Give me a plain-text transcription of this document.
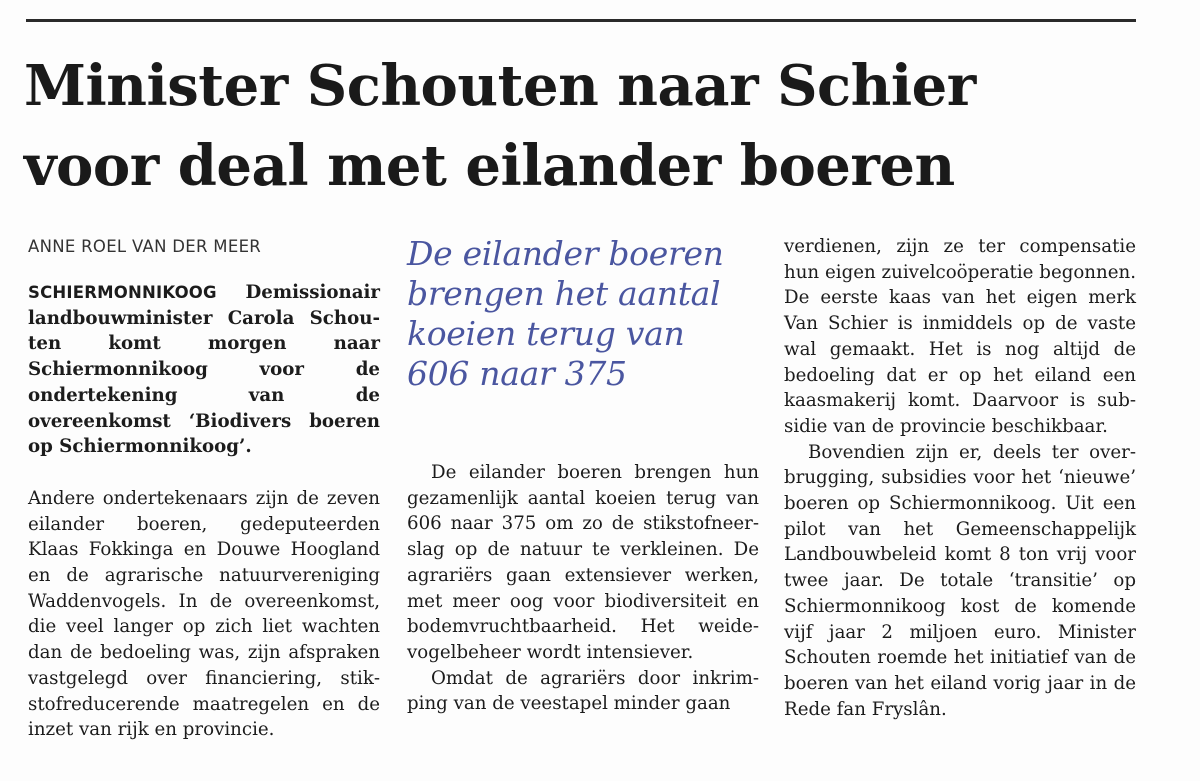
Minister Schouten naar Schier
voor deal met eilander boeren
ANNE ROEL VAN DER MEER

SCHIERMONNIKOOG Demissionair landbouwminister Carola Schouten komt morgen naar Schiermonnikoog voor de ondertekening van de overeenkomst ‘Biodivers boeren op Schiermonnikoog’.

Andere ondertekenaars zijn de zeven eilander boeren, gedeputeerden Klaas Fokkinga en Douwe Hoogland en de agrarische natuurvereniging Waddenvogels. In de overeenkomst, die veel langer op zich liet wachten dan de bedoeling was, zijn afspraken vastgelegd over financiering, stikstofreducerende maatregelen en de inzet van rijk en provincie.

De eilander boeren
brengen het aantal
koeien terug van
606 naar 375

De eilander boeren brengen hun gezamenlijk aantal koeien terug van 606 naar 375 om zo de stikstofneerslag op de natuur te verkleinen. De agrariërs gaan extensiever werken, met meer oog voor biodiversiteit en bodemvruchtbaarheid. Het weidevogelbeheer wordt intensiever.

Omdat de agrariërs door inkrimping van de veestapel minder gaan

verdienen, zijn ze ter compensatie hun eigen zuivelcoöperatie begonnen. De eerste kaas van het eigen merk Van Schier is inmiddels op de vaste wal gemaakt. Het is nog altijd de bedoeling dat er op het eiland een kaasmakerij komt. Daarvoor is subsidie van de provincie beschikbaar.

Bovendien zijn er, deels ter overbrugging, subsidies voor het ‘nieuwe’ boeren op Schiermonnikoog. Uit een pilot van het Gemeenschappelijk Landbouwbeleid komt 8 ton vrij voor twee jaar. De totale ‘transitie’ op Schiermonnikoog kost de komende vijf jaar 2 miljoen euro. Minister Schouten roemde het initiatief van de boeren van het eiland vorig jaar in de Rede fan Fryslân.
